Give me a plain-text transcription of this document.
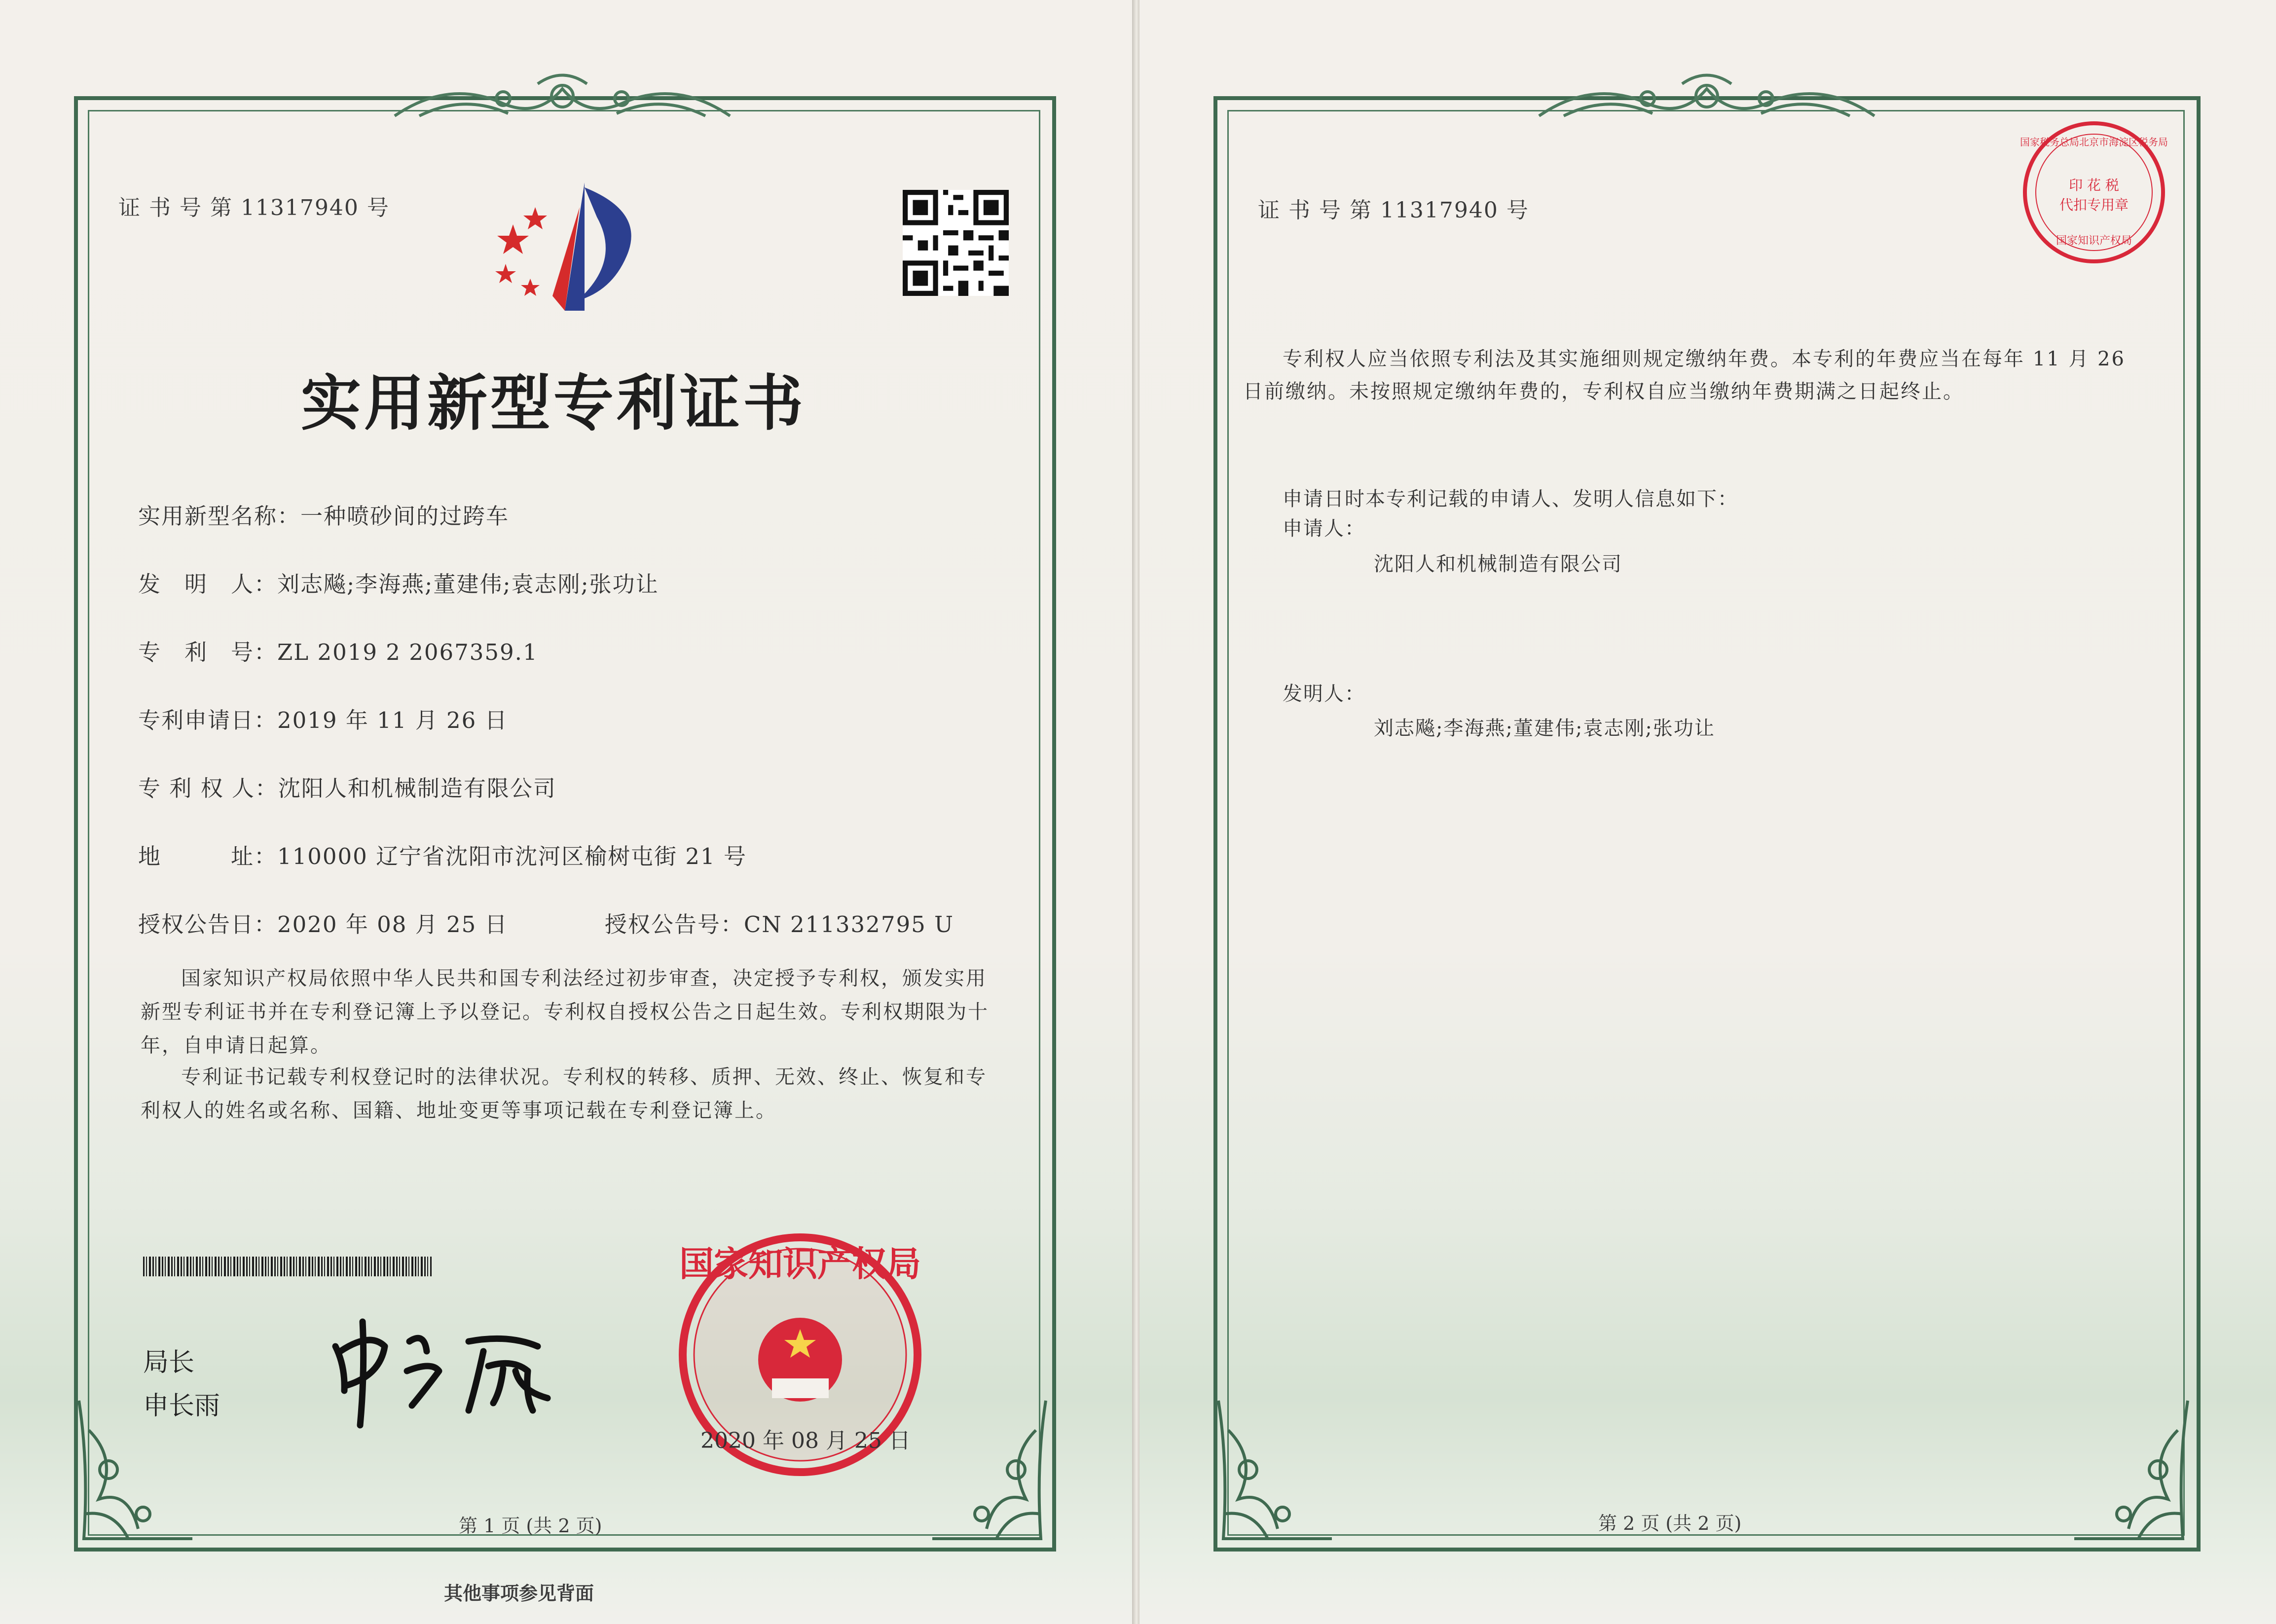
证 书 号 第 11317940 号
实用新型专利证书
实用新型名称：一种喷砂间的过跨车
发　明　人：刘志飚;李海燕;董建伟;袁志刚;张功让
专　利　号：ZL 2019 2 2067359.1
专利申请日：2019 年 11 月 26 日
专 利 权 人：沈阳人和机械制造有限公司
地　　　址：110000 辽宁省沈阳市沈河区榆树屯街 21 号
授权公告日：2020 年 08 月 25 日	授权公告号：CN 211332795 U
国家知识产权局依照中华人民共和国专利法经过初步审查，决定授予专利权，颁发实用新型专利证书并在专利登记簿上予以登记。专利权自授权公告之日起生效。专利权期限为十年，自申请日起算。
专利证书记载专利权登记时的法律状况。专利权的转移、质押、无效、终止、恢复和专利权人的姓名或名称、国籍、地址变更等事项记载在专利登记簿上。
局长
申长雨
国家知识产权局
2020 年 08 月 25 日
第 1 页 (共 2 页)
其他事项参见背面
证 书 号 第 11317940 号
国家税务总局北京市海淀区税务局
印 花 税
代扣专用章
国家知识产权局
专利权人应当依照专利法及其实施细则规定缴纳年费。本专利的年费应当在每年 11 月 26 日前缴纳。未按照规定缴纳年费的，专利权自应当缴纳年费期满之日起终止。
申请日时本专利记载的申请人、发明人信息如下：
申请人：
沈阳人和机械制造有限公司
发明人：
刘志飚;李海燕;董建伟;袁志刚;张功让
第 2 页 (共 2 页)
